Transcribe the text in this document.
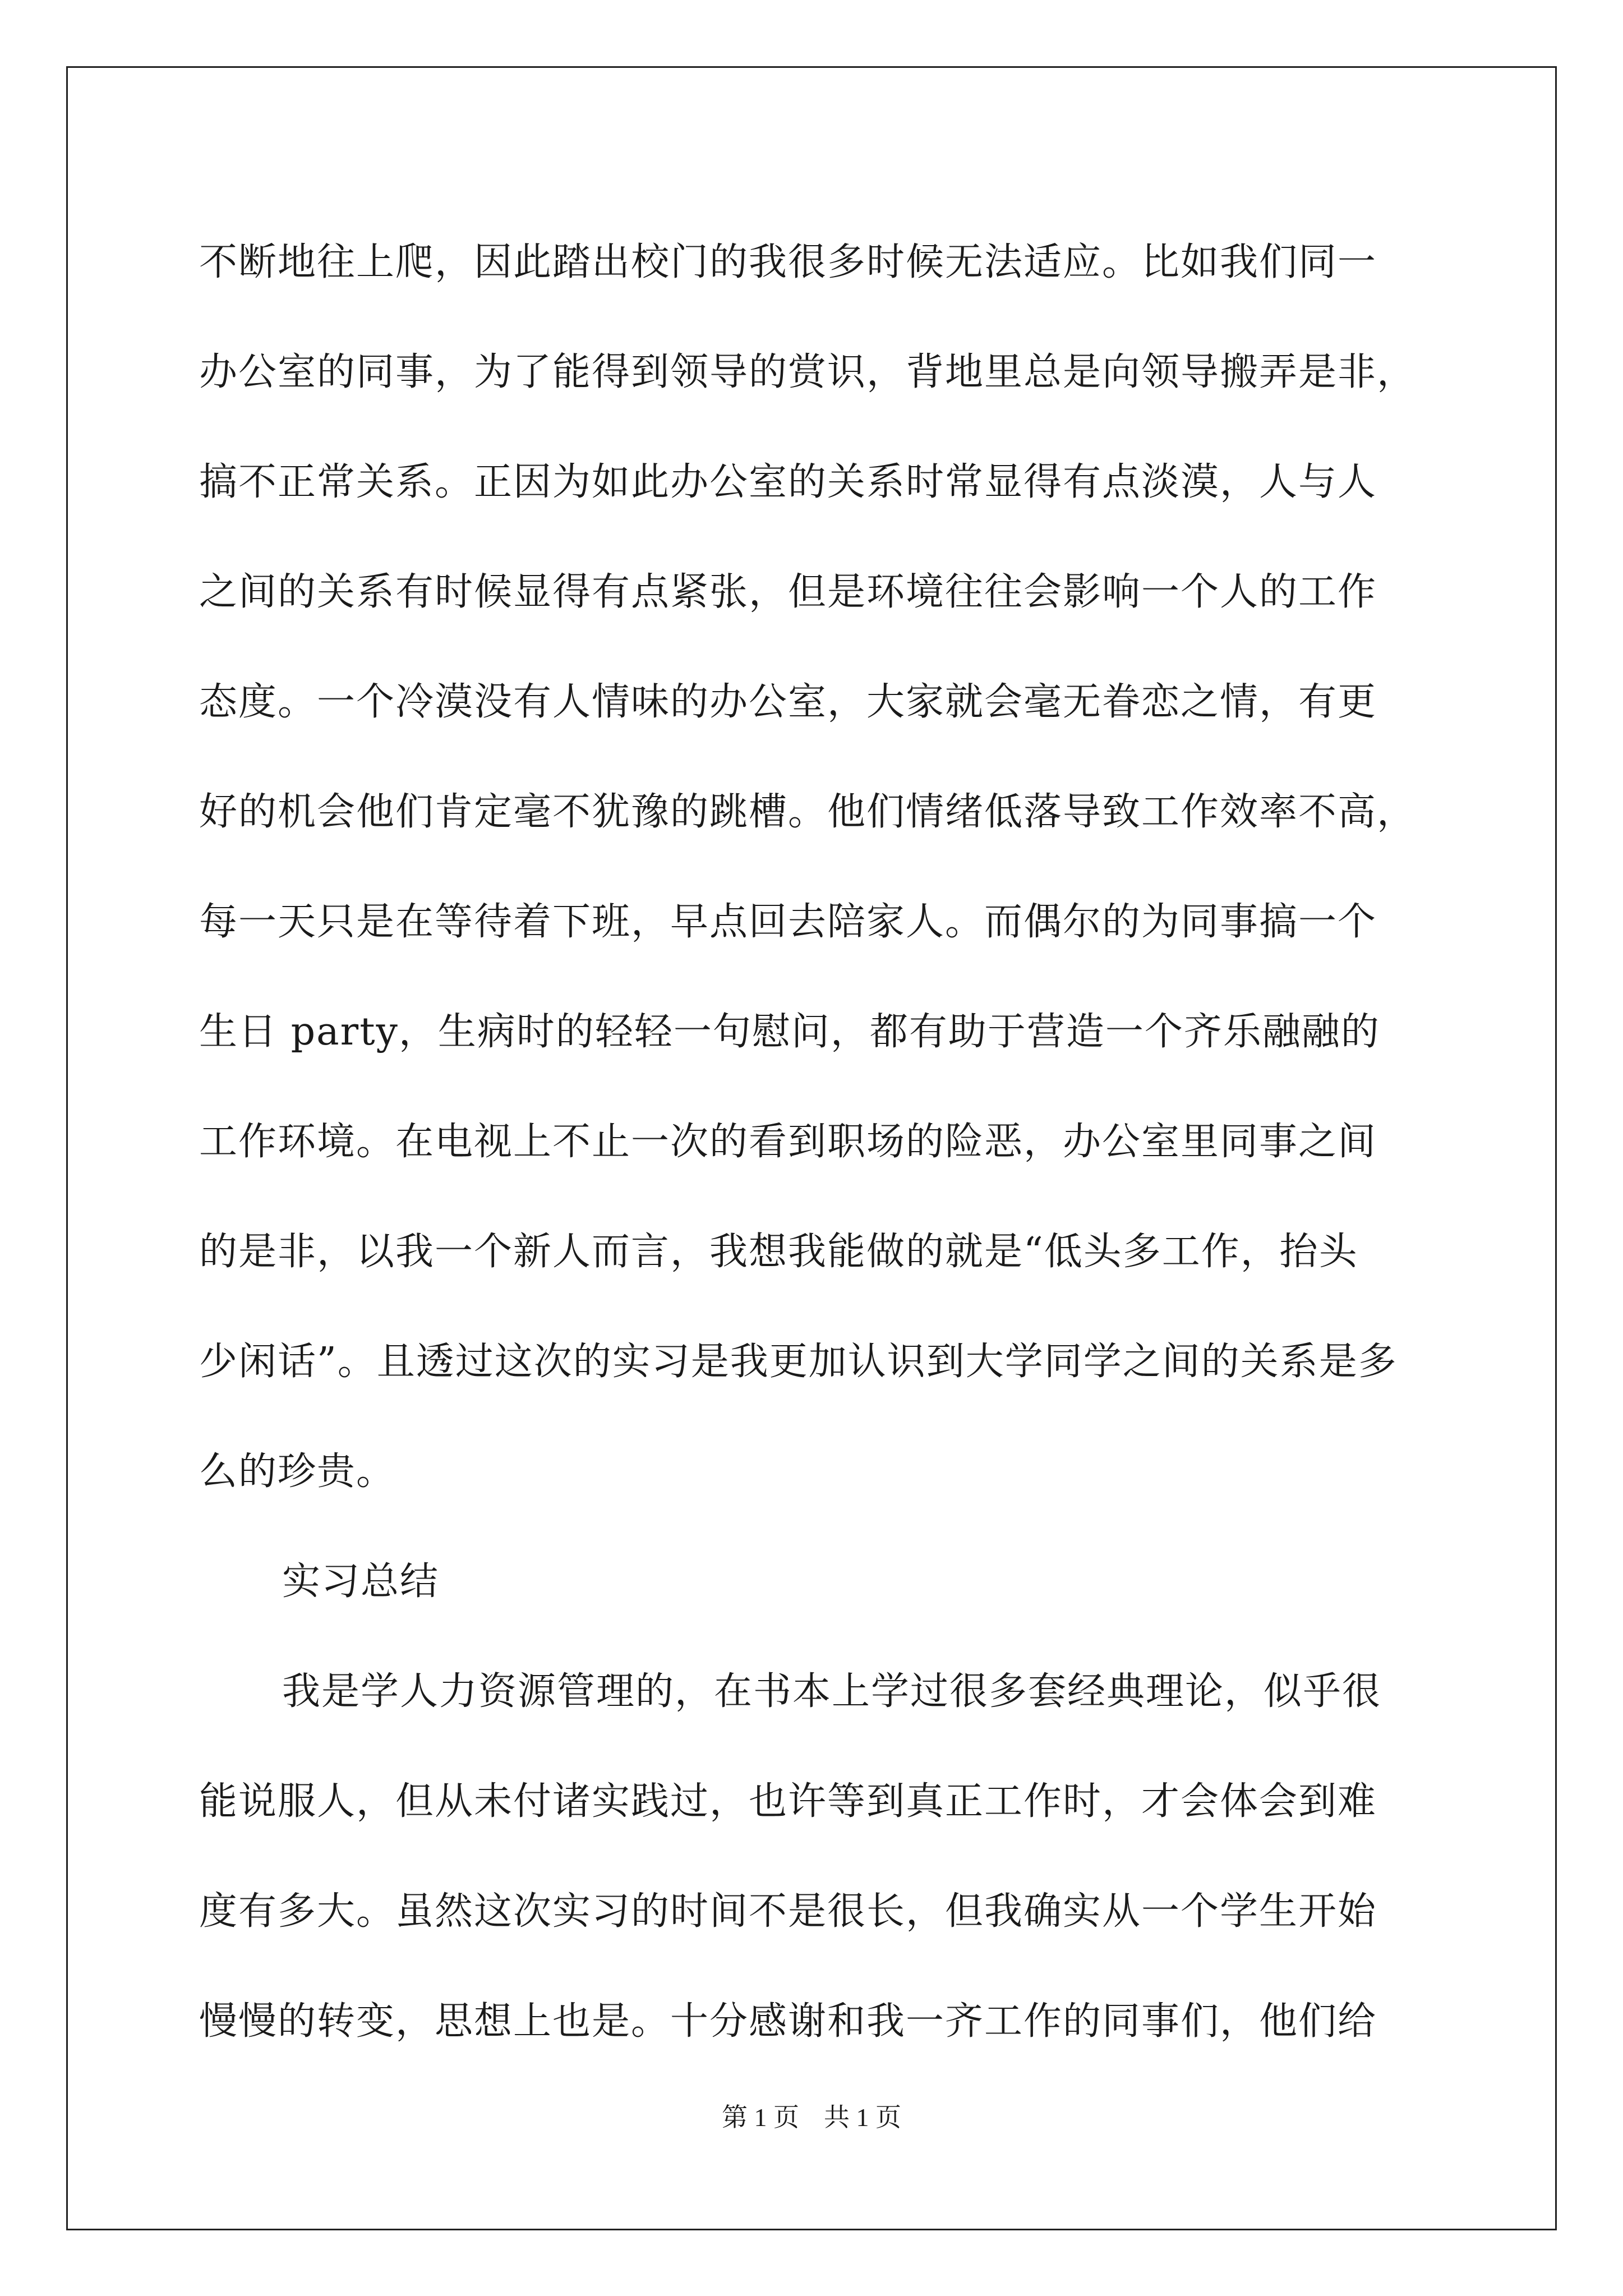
不断地往上爬，因此踏出校门的我很多时候无法适应。比如我们同一
办公室的同事，为了能得到领导的赏识，背地里总是向领导搬弄是非，
搞不正常关系。正因为如此办公室的关系时常显得有点淡漠，人与人
之间的关系有时候显得有点紧张，但是环境往往会影响一个人的工作
态度。一个冷漠没有人情味的办公室，大家就会毫无眷恋之情，有更
好的机会他们肯定毫不犹豫的跳槽。他们情绪低落导致工作效率不高，
每一天只是在等待着下班，早点回去陪家人。而偶尔的为同事搞一个
生日 party，生病时的轻轻一句慰问，都有助于营造一个齐乐融融的
工作环境。在电视上不止一次的看到职场的险恶，办公室里同事之间
的是非，以我一个新人而言，我想我能做的就是“低头多工作，抬头
少闲话”。且透过这次的实习是我更加认识到大学同学之间的关系是多
么的珍贵。
实习总结
我是学人力资源管理的，在书本上学过很多套经典理论，似乎很
能说服人，但从未付诸实践过，也许等到真正工作时，才会体会到难
度有多大。虽然这次实习的时间不是很长，但我确实从一个学生开始
慢慢的转变，思想上也是。十分感谢和我一齐工作的同事们，他们给
第 1 页 共 1 页
